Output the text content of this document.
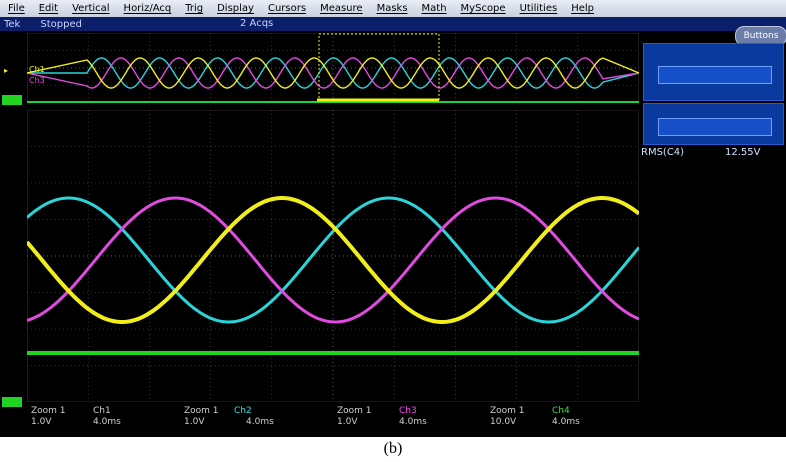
File Edit Vertical Horiz/Acq Trig Display Cursors Measure Masks Math MyScope Utilities Help
Tek Stopped	2 Acqs
Buttons
RMS(C4)	12.55V
Ch1
Ch3
▸
Zoom 1
1.0V
Ch1
4.0ms
Zoom 1
1.0V
Ch2
4.0ms
Zoom 1
1.0V
Ch3
4.0ms
Zoom 1
10.0V
Ch4
4.0ms
(b)
